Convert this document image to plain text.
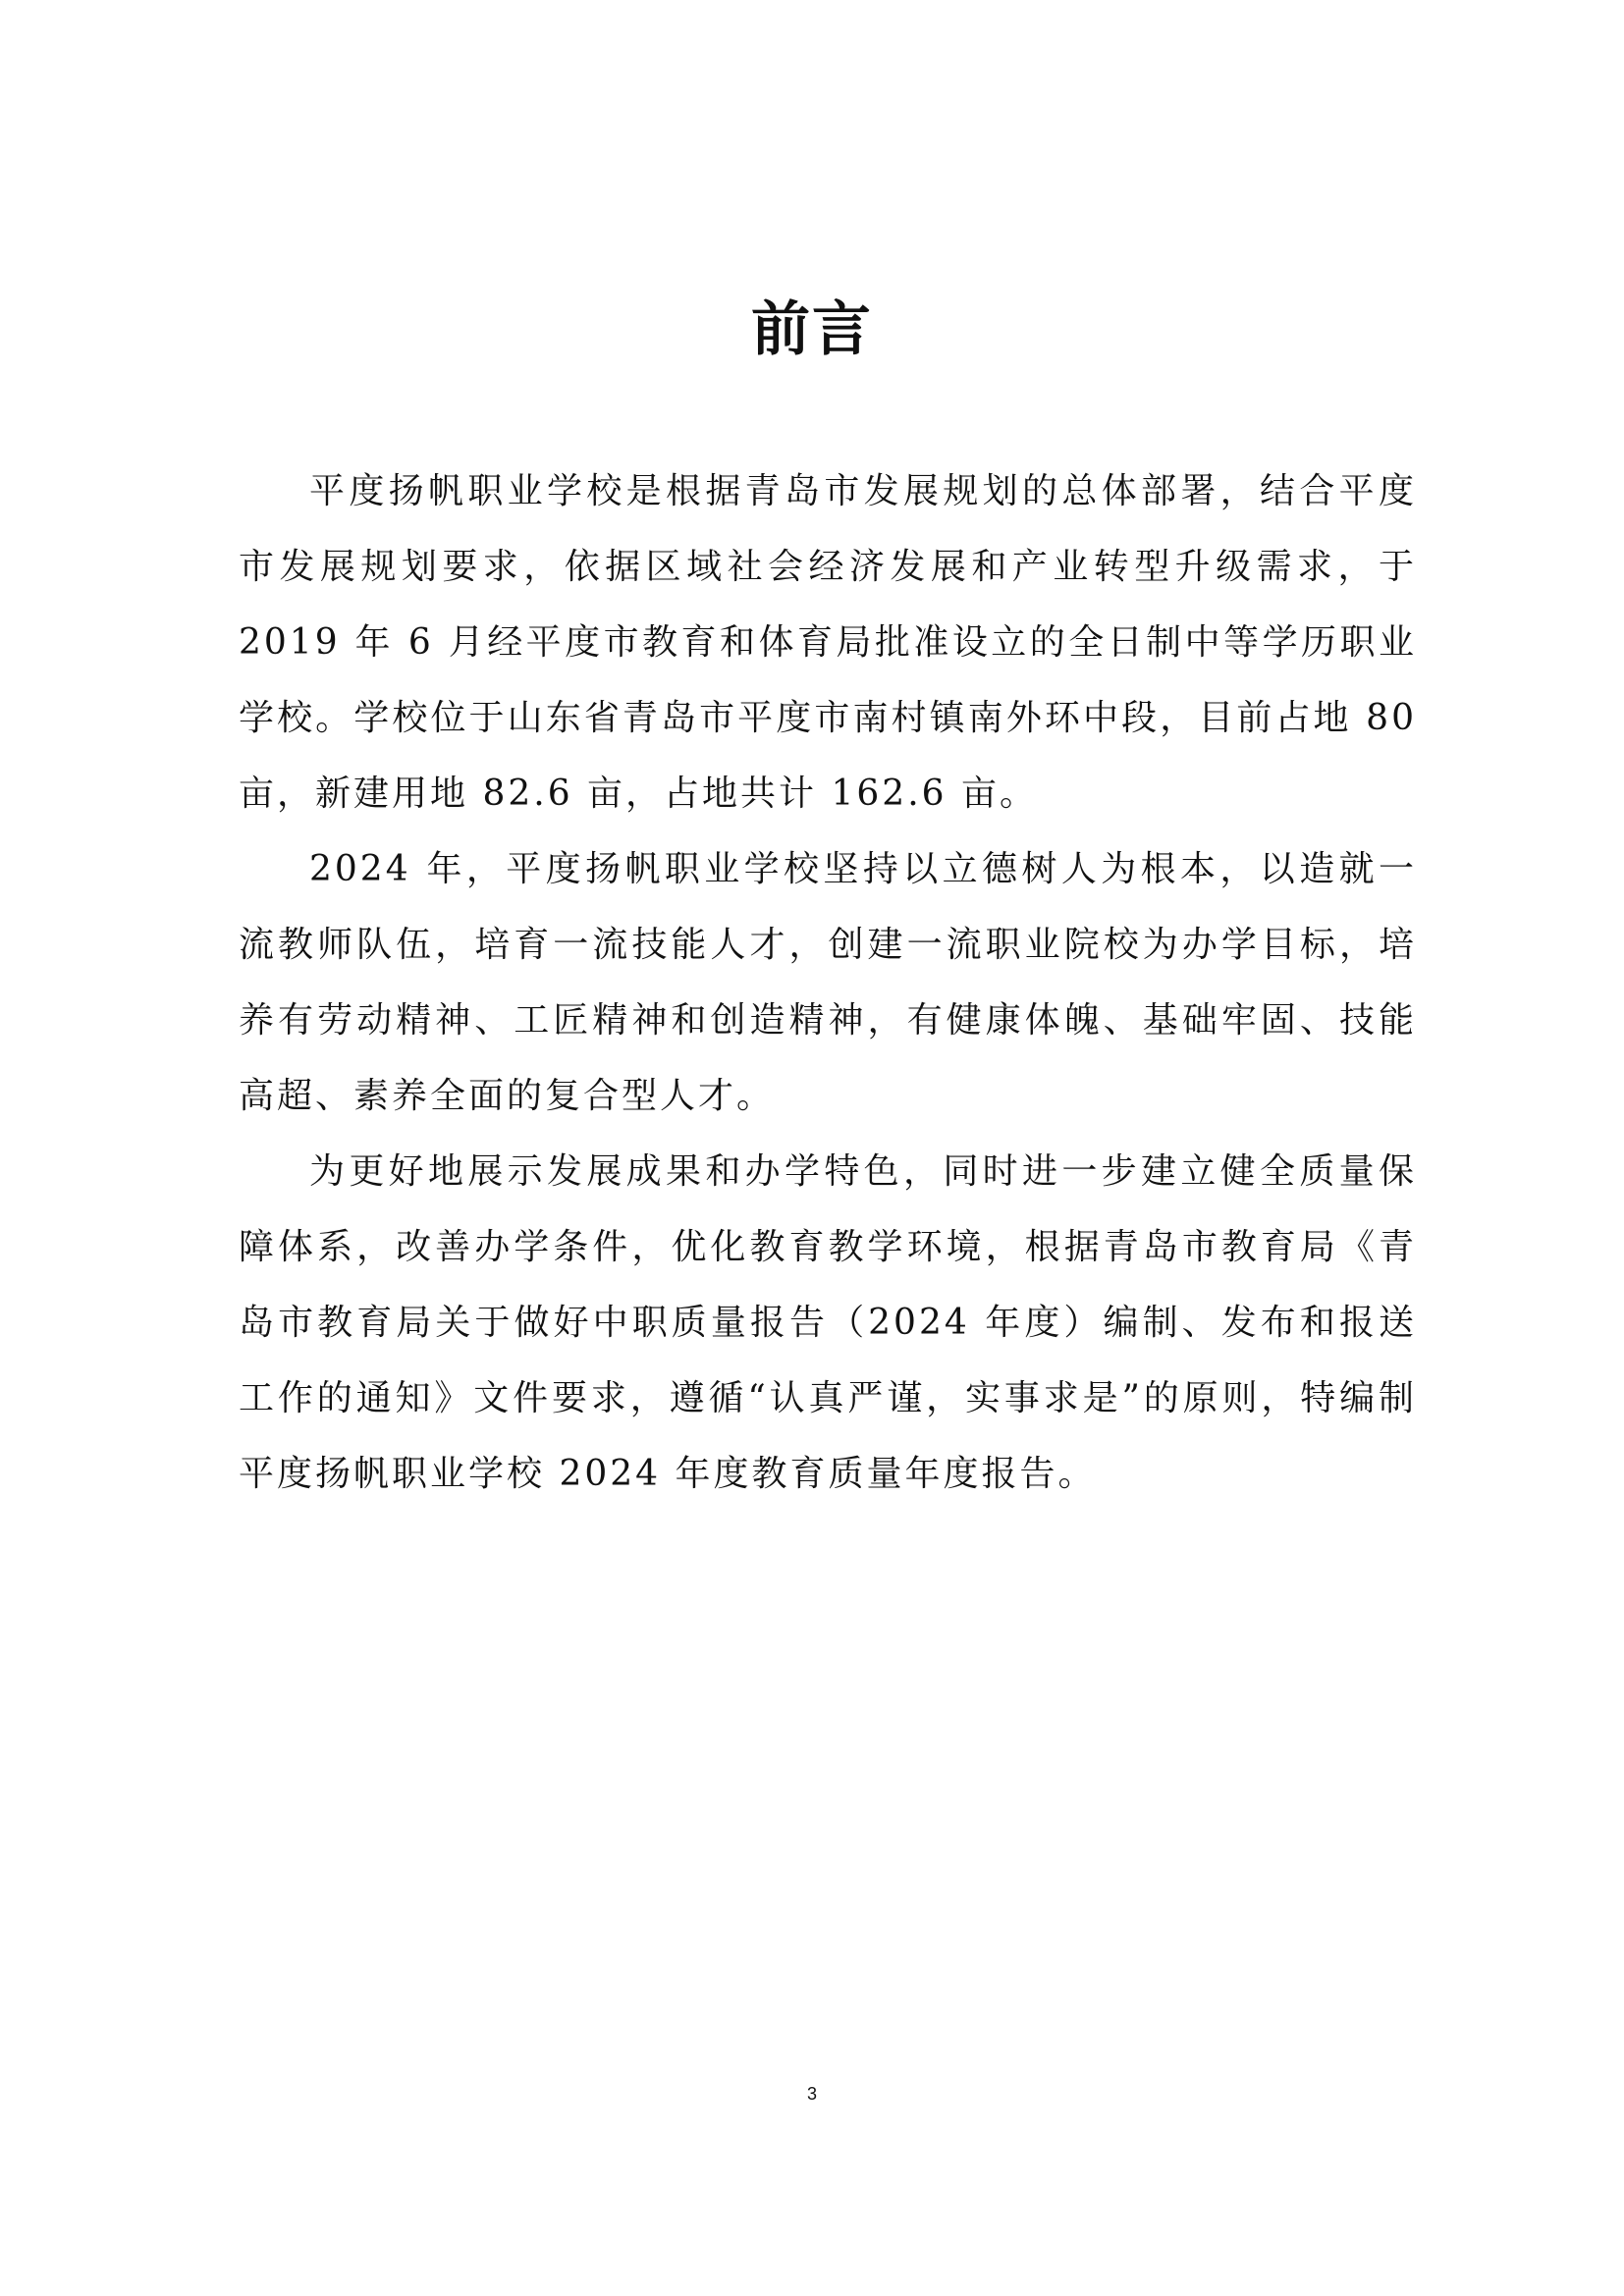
前言

平度扬帆职业学校是根据青岛市发展规划的总体部署，结合平度市发展规划要求，依据区域社会经济发展和产业转型升级需求，于 2019 年 6 月经平度市教育和体育局批准设立的全日制中等学历职业学校。学校位于山东省青岛市平度市南村镇南外环中段，目前占地 80 亩，新建用地 82.6 亩，占地共计 162.6 亩。

2024 年，平度扬帆职业学校坚持以立德树人为根本，以造就一流教师队伍，培育一流技能人才，创建一流职业院校为办学目标，培养有劳动精神、工匠精神和创造精神，有健康体魄、基础牢固、技能高超、素养全面的复合型人才。

为更好地展示发展成果和办学特色，同时进一步建立健全质量保障体系，改善办学条件，优化教育教学环境，根据青岛市教育局《青岛市教育局关于做好中职质量报告（2024 年度）编制、发布和报送工作的通知》文件要求，遵循“认真严谨，实事求是”的原则，特编制平度扬帆职业学校 2024 年度教育质量年度报告。

3
